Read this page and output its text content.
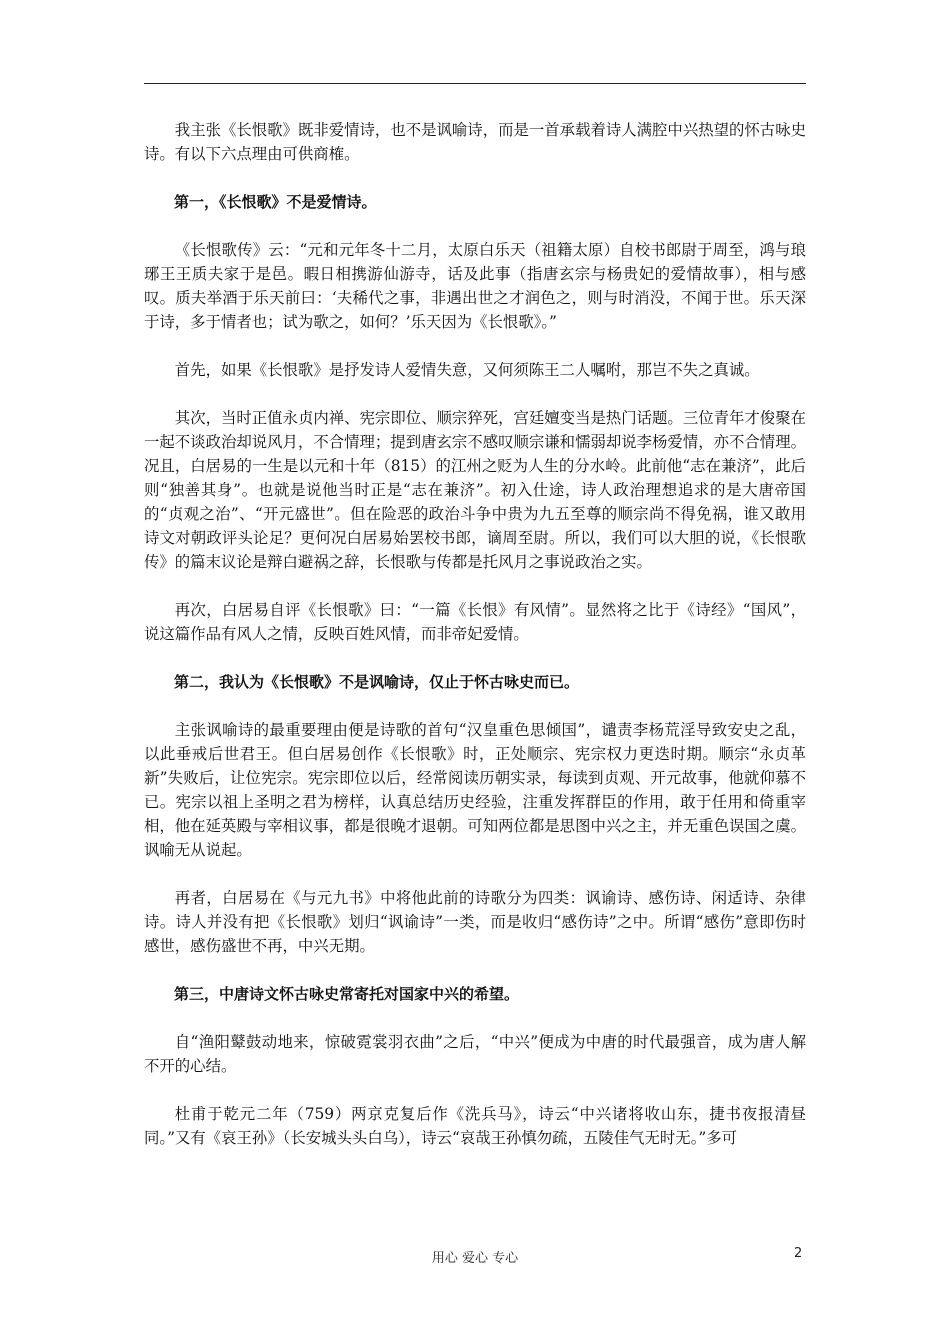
我主张《长恨歌》既非爱情诗，也不是讽喻诗，而是一首承载着诗人满腔中兴热望的怀古咏史诗。有以下六点理由可供商榷。

第一，《长恨歌》不是爱情诗。

《长恨歌传》云：“元和元年冬十二月，太原白乐天（祖籍太原）自校书郎尉于周至，鸿与琅琊王王质夫家于是邑。暇日相携游仙游寺，话及此事（指唐玄宗与杨贵妃的爱情故事），相与感叹。质夫举酒于乐天前曰：‘夫稀代之事，非遇出世之才润色之，则与时消没，不闻于世。乐天深于诗，多于情者也；试为歌之，如何？’乐天因为《长恨歌》。”

首先，如果《长恨歌》是抒发诗人爱情失意，又何须陈王二人嘱咐，那岂不失之真诚。

其次，当时正值永贞内禅、宪宗即位、顺宗猝死，宫廷嬗变当是热门话题。三位青年才俊聚在一起不谈政治却说风月，不合情理；提到唐玄宗不感叹顺宗谦和懦弱却说李杨爱情，亦不合情理。况且，白居易的一生是以元和十年（815）的江州之贬为人生的分水岭。此前他“志在兼济”，此后则“独善其身”。也就是说他当时正是“志在兼济”。初入仕途，诗人政治理想追求的是大唐帝国的“贞观之治”、“开元盛世”。但在险恶的政治斗争中贵为九五至尊的顺宗尚不得免祸，谁又敢用诗文对朝政评头论足？更何况白居易始罢校书郎，谪周至尉。所以，我们可以大胆的说，《长恨歌传》的篇末议论是辩白避祸之辞，长恨歌与传都是托风月之事说政治之实。

再次，白居易自评《长恨歌》曰：“一篇《长恨》有风情”。显然将之比于《诗经》“国风”，说这篇作品有风人之情，反映百姓风情，而非帝妃爱情。

第二，我认为《长恨歌》不是讽喻诗，仅止于怀古咏史而已。

主张讽喻诗的最重要理由便是诗歌的首句“汉皇重色思倾国”，谴责李杨荒淫导致安史之乱，以此垂戒后世君王。但白居易创作《长恨歌》时，正处顺宗、宪宗权力更迭时期。顺宗“永贞革新”失败后，让位宪宗。宪宗即位以后，经常阅读历朝实录，每读到贞观、开元故事，他就仰慕不已。宪宗以祖上圣明之君为榜样，认真总结历史经验，注重发挥群臣的作用，敢于任用和倚重宰相，他在延英殿与宰相议事，都是很晚才退朝。可知两位都是思图中兴之主，并无重色误国之虞。讽喻无从说起。

再者，白居易在《与元九书》中将他此前的诗歌分为四类：讽谕诗、感伤诗、闲适诗、杂律诗。诗人并没有把《长恨歌》划归“讽谕诗”一类，而是收归“感伤诗”之中。所谓“感伤”意即伤时感世，感伤盛世不再，中兴无期。

第三，中唐诗文怀古咏史常寄托对国家中兴的希望。

自“渔阳鼙鼓动地来，惊破霓裳羽衣曲”之后，“中兴”便成为中唐的时代最强音，成为唐人解不开的心结。

杜甫于乾元二年（759）两京克复后作《洗兵马》，诗云“中兴诸将收山东，捷书夜报清昼同。”又有《哀王孙》（长安城头头白乌），诗云“哀哉王孙慎勿疏，五陵佳气无时无。”多可

用心 爱心 专心	2
